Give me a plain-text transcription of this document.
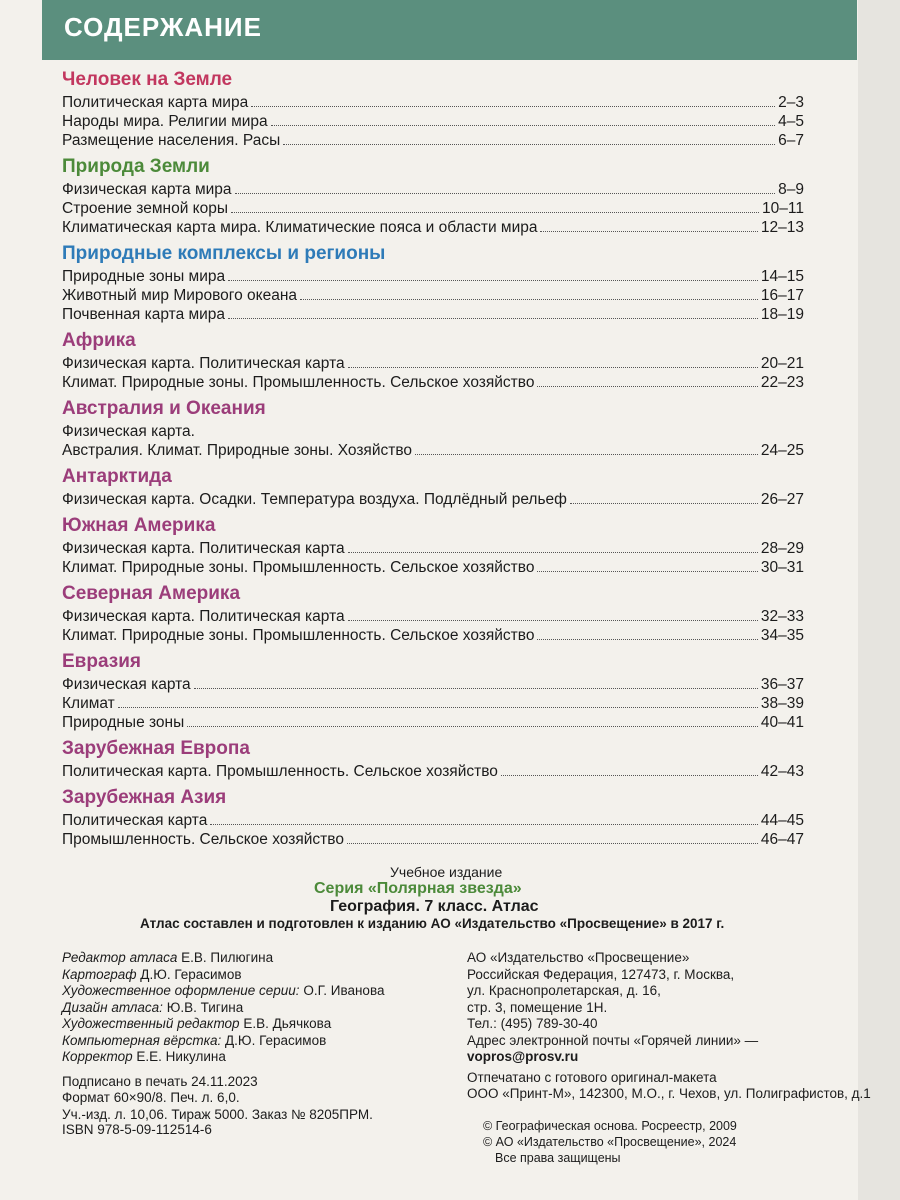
СОДЕРЖАНИЕ
Человек на Земле
Политическая карта мира	2–3
Народы мира. Религии мира	4–5
Размещение населения. Расы	6–7
Природа Земли
Физическая карта мира	8–9
Строение земной коры	10–11
Климатическая карта мира. Климатические пояса и области мира	12–13
Природные комплексы и регионы
Природные зоны мира	14–15
Животный мир Мирового океана	16–17
Почвенная карта мира	18–19
Африка
Физическая карта. Политическая карта	20–21
Климат. Природные зоны. Промышленность. Сельское хозяйство	22–23
Австралия и Океания
Физическая карта.
Австралия. Климат. Природные зоны. Хозяйство	24–25
Антарктида
Физическая карта. Осадки. Температура воздуха. Подлёдный рельеф	26–27
Южная Америка
Физическая карта. Политическая карта	28–29
Климат. Природные зоны. Промышленность. Сельское хозяйство	30–31
Северная Америка
Физическая карта. Политическая карта	32–33
Климат. Природные зоны. Промышленность. Сельское хозяйство	34–35
Евразия
Физическая карта	36–37
Климат	38–39
Природные зоны	40–41
Зарубежная Европа
Политическая карта. Промышленность. Сельское хозяйство	42–43
Зарубежная Азия
Политическая карта	44–45
Промышленность. Сельское хозяйство	46–47
Учебное издание
Серия «Полярная звезда»
География. 7 класс. Атлас
Атлас составлен и подготовлен к изданию АО «Издательство «Просвещение» в 2017 г.
Редактор атласа Е.В. Пилюгина
Картограф Д.Ю. Герасимов
Художественное оформление серии: О.Г. Иванова
Дизайн атласа: Ю.В. Тигина
Художественный редактор Е.В. Дьячкова
Компьютерная вёрстка: Д.Ю. Герасимов
Корректор Е.Е. Никулина
Подписано в печать 24.11.2023
Формат 60×90/8. Печ. л. 6,0.
Уч.-изд. л. 10,06. Тираж 5000. Заказ № 8205ПРМ.
АО «Издательство «Просвещение»
Российская Федерация, 127473, г. Москва,
ул. Краснопролетарская, д. 16,
стр. 3, помещение 1Н.
Тел.: (495) 789-30-40
Адрес электронной почты «Горячей линии» —
vopros@prosv.ru
Отпечатано с готового оригинал-макета
ООО «Принт-М», 142300, М.О., г. Чехов, ул. Полиграфистов, д.1
ISBN 978-5-09-112514-6	© Географическая основа. Росреестр, 2009
© АО «Издательство «Просвещение», 2024
Все права защищены
